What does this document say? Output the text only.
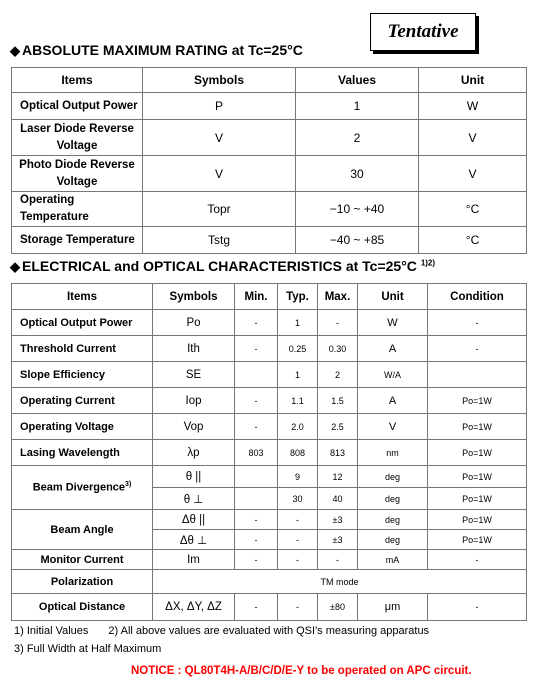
Tentative
◆ ABSOLUTE MAXIMUM RATING at Tc=25°C
Items	Symbols	Values	Unit
Optical Output Power	P	1	W
Laser Diode Reverse Voltage	V	2	V
Photo Diode Reverse Voltage	V	30	V
Operating Temperature	Topr	−10 ~ +40	°C
Storage Temperature	Tstg	−40 ~ +85	°C
◆ ELECTRICAL and OPTICAL CHARACTERISTICS at Tc=25°C $^{1)2)}$
Items	Symbols	Min.	Typ.	Max.	Unit	Condition
Optical Output Power	Po	-	1	-	W	-
Threshold Current	Ith	-	0.25	0.30	A	-
Slope Efficiency	SE		1	2	W/A	
Operating Current	Iop	-	1.1	1.5	A	Po=1W
Operating Voltage	Vop	-	2.0	2.5	V	Po=1W
Lasing Wavelength	λp	803	808	813	nm	Po=1W
Beam Divergence$^{3)}$	θ ||		9	12	deg	Po=1W
	θ ⊥		30	40	deg	Po=1W
Beam Angle	Δθ ||	-	-	±3	deg	Po=1W
	Δθ ⊥	-	-	±3	deg	Po=1W
Monitor Current	Im	-	-	-	mA	-
Polarization	TM mode					
Optical Distance	ΔX, ΔY, ΔZ	-	-	±80	μm	-
1) Initial Values 2) All above values are evaluated with QSI's measuring apparatus
3) Full Width at Half Maximum
NOTICE : QL80T4H-A/B/C/D/E-Y to be operated on APC circuit.
